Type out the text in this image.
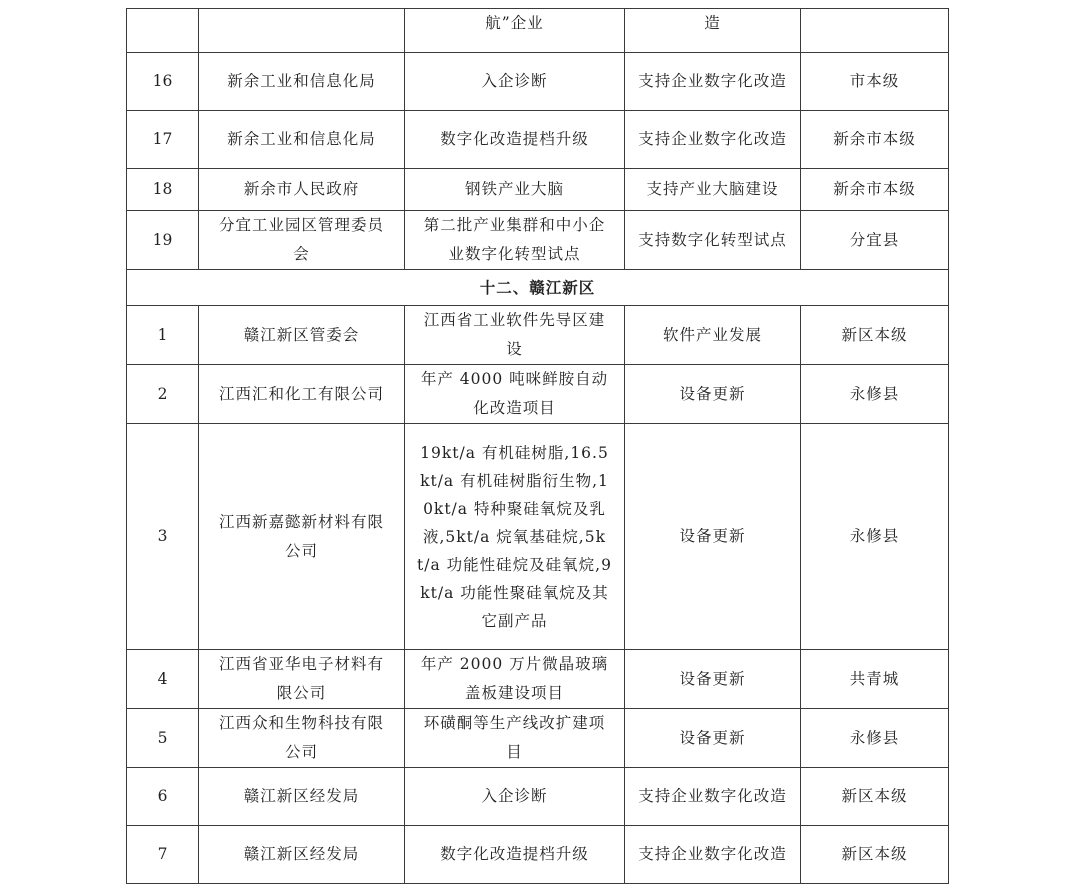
		航”企业	造	
16	新余工业和信息化局	入企诊断	支持企业数字化改造	市本级
17	新余工业和信息化局	数字化改造提档升级	支持企业数字化改造	新余市本级
18	新余市人民政府	钢铁产业大脑	支持产业大脑建设	新余市本级
19	分宜工业园区管理委员会	第二批产业集群和中小企业数字化转型试点	支持数字化转型试点	分宜县
十二、赣江新区				
1	赣江新区管委会	江西省工业软件先导区建设	软件产业发展	新区本级
2	江西汇和化工有限公司	年产 4000 吨咪鲜胺自动化改造项目	设备更新	永修县
3	江西新嘉懿新材料有限公司	19kt/a 有机硅树脂,16.5kt/a 有机硅树脂衍生物,10kt/a 特种聚硅氧烷及乳液,5kt/a 烷氧基硅烷,5kt/a 功能性硅烷及硅氧烷,9kt/a 功能性聚硅氧烷及其它副产品	设备更新	永修县
4	江西省亚华电子材料有限公司	年产 2000 万片微晶玻璃盖板建设项目	设备更新	共青城
5	江西众和生物科技有限公司	环磺酮等生产线改扩建项目	设备更新	永修县
6	赣江新区经发局	入企诊断	支持企业数字化改造	新区本级
7	赣江新区经发局	数字化改造提档升级	支持企业数字化改造	新区本级
